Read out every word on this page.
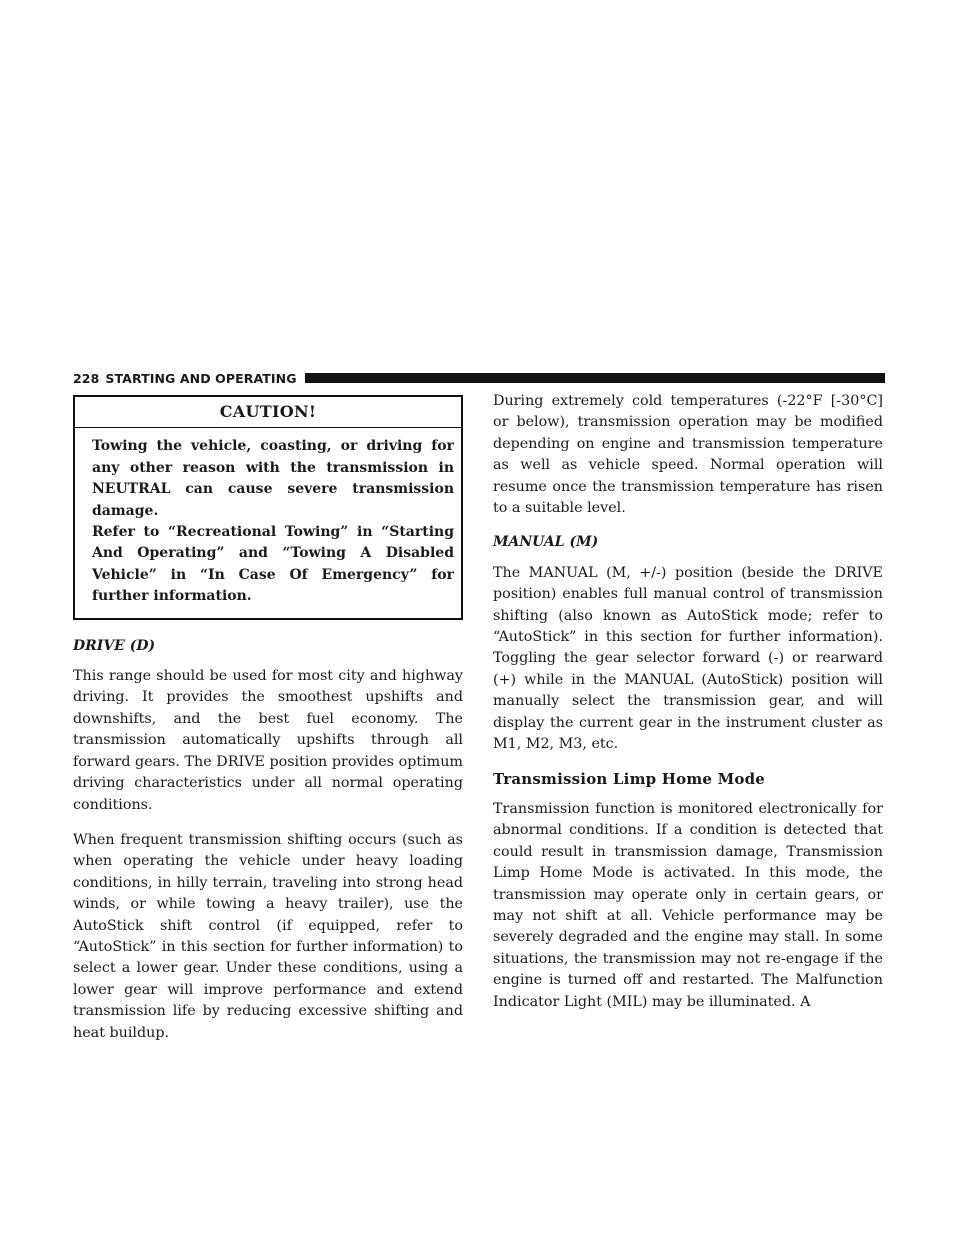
228 STARTING AND OPERATING
CAUTION!

Towing the vehicle, coasting, or driving for any other reason with the transmission in NEUTRAL can cause severe transmission damage.

Refer to “Recreational Towing” in “Starting And Operating” and “Towing A Disabled Vehicle” in “In Case Of Emergency” for further information.

DRIVE (D)

This range should be used for most city and highway driving. It provides the smoothest upshifts and downshifts, and the best fuel economy. The transmission automatically upshifts through all forward gears. The DRIVE position provides optimum driving characteristics under all normal operating conditions.

When frequent transmission shifting occurs (such as when operating the vehicle under heavy loading conditions, in hilly terrain, traveling into strong head winds, or while towing a heavy trailer), use the AutoStick shift control (if equipped, refer to “AutoStick” in this section for further information) to select a lower gear. Under these conditions, using a lower gear will improve performance and extend transmission life by reducing excessive shifting and heat buildup.

During extremely cold temperatures (-22°F [-30°C] or below), transmission operation may be modified depending on engine and transmission temperature as well as vehicle speed. Normal operation will resume once the transmission temperature has risen to a suitable level.

MANUAL (M)

The MANUAL (M, +/-) position (beside the DRIVE position) enables full manual control of transmission shifting (also known as AutoStick mode; refer to “AutoStick” in this section for further information). Toggling the gear selector forward (-) or rearward (+) while in the MANUAL (AutoStick) position will manually select the transmission gear, and will display the current gear in the instrument cluster as M1, M2, M3, etc.

Transmission Limp Home Mode

Transmission function is monitored electronically for abnormal conditions. If a condition is detected that could result in transmission damage, Transmission Limp Home Mode is activated. In this mode, the transmission may operate only in certain gears, or may not shift at all. Vehicle performance may be severely degraded and the engine may stall. In some situations, the transmission may not re-engage if the engine is turned off and restarted. The Malfunction Indicator Light (MIL) may be illuminated. A
